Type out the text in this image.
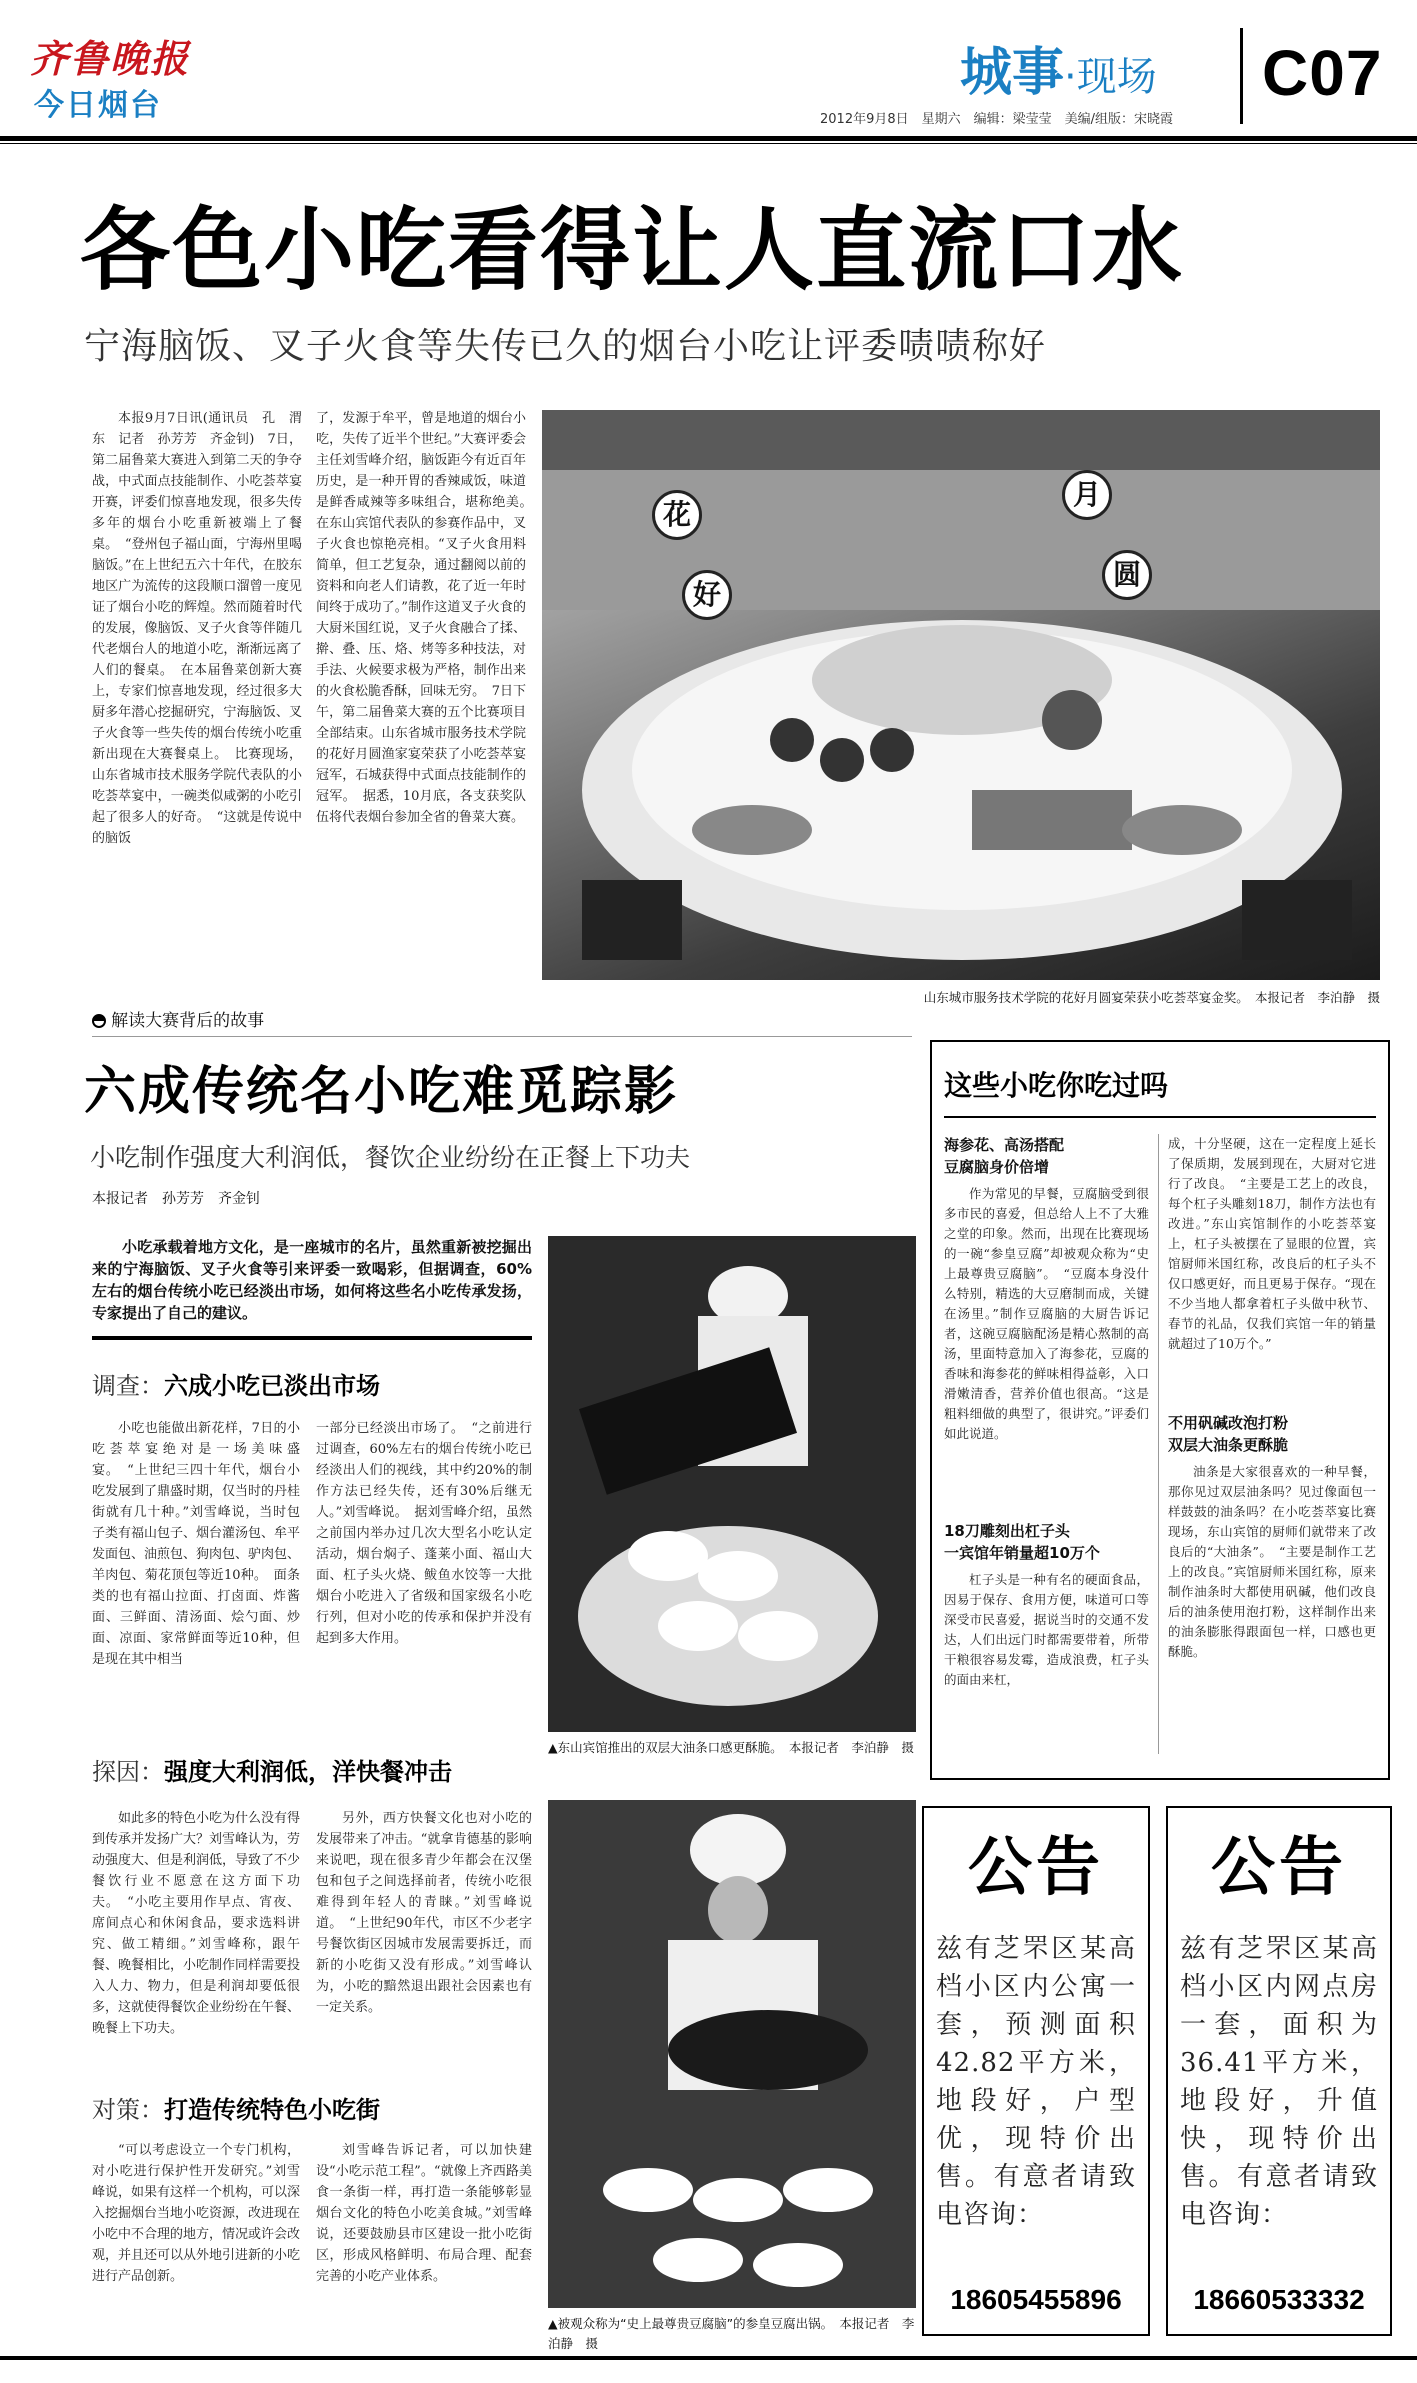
齐鲁晚报
今日烟台
城事·现场 C07
2012年9月8日　星期六　编辑：梁莹莹　美编/组版：宋晓霞
各色小吃看得让人直流口水
宁海脑饭、叉子火食等失传已久的烟台小吃让评委啧啧称好

本报9月7日讯(通讯员　孔　渭东　记者　孙芳芳　齐金钊)　7日，第二届鲁菜大赛进入到第二天的争夺战，中式面点技能制作、小吃荟萃宴开赛，评委们惊喜地发现，很多失传多年的烟台小吃重新被端上了餐桌。　“登州包子福山面，宁海州里喝脑饭。”在上世纪五六十年代，在胶东地区广为流传的这段顺口溜曾一度见证了烟台小吃的辉煌。然而随着时代的发展，像脑饭、叉子火食等伴随几代老烟台人的地道小吃，渐渐远离了人们的餐桌。　在本届鲁菜创新大赛上，专家们惊喜地发现，经过很多大厨多年潜心挖掘研究，宁海脑饭、叉子火食等一些失传的烟台传统小吃重新出现在大赛餐桌上。　比赛现场，山东省城市技术服务学院代表队的小吃荟萃宴中，一碗类似咸粥的小吃引起了很多人的好奇。　“这就是传说中的脑饭

了，发源于牟平，曾是地道的烟台小吃，失传了近半个世纪。”大赛评委会主任刘雪峰介绍，脑饭距今有近百年历史，是一种开胃的香辣咸饭，味道是鲜香咸辣等多味组合，堪称绝美。　在东山宾馆代表队的参赛作品中，叉子火食也惊艳亮相。“叉子火食用料简单，但工艺复杂，通过翻阅以前的资料和向老人们请教，花了近一年时间终于成功了。”制作这道叉子火食的大厨米国红说，叉子火食融合了揉、擀、叠、压、烙、烤等多种技法，对手法、火候要求极为严格，制作出来的火食松脆香酥，回味无穷。　7日下午，第二届鲁菜大赛的五个比赛项目全部结束。山东省城市服务技术学院的花好月圆渔家宴荣获了小吃荟萃宴冠军，石城获得中式面点技能制作的冠军。　据悉，10月底，各支获奖队伍将代表烟台参加全省的鲁菜大赛。

花
好
月
圆
山东城市服务技术学院的花好月圆宴荣获小吃荟萃宴金奖。　本报记者　李泊静　摄
解读大赛背后的故事
六成传统名小吃难觅踪影
小吃制作强度大利润低，餐饮企业纷纷在正餐上下功夫
本报记者　孙芳芳　齐金钊

小吃承载着地方文化，是一座城市的名片，虽然重新被挖掘出来的宁海脑饭、叉子火食等引来评委一致喝彩，但据调查，60%左右的烟台传统小吃已经淡出市场，如何将这些名小吃传承发扬，专家提出了自己的建议。

调查：六成小吃已淡出市场

小吃也能做出新花样，7日的小吃荟萃宴绝对是一场美味盛宴。　“上世纪三四十年代，烟台小吃发展到了鼎盛时期，仅当时的丹桂街就有几十种。”刘雪峰说，当时包子类有福山包子、烟台灌汤包、牟平发面包、油煎包、狗肉包、驴肉包、羊肉包、菊花顶包等近10种。　面条类的也有福山拉面、打卤面、炸酱面、三鲜面、清汤面、烩勺面、炒面、凉面、家常鲜面等近10种，但是现在其中相当

一部分已经淡出市场了。　“之前进行过调查，60%左右的烟台传统小吃已经淡出人们的视线，其中约20%的制作方法已经失传，还有30%后继无人。”刘雪峰说。　据刘雪峰介绍，虽然之前国内举办过几次大型名小吃认定活动，烟台焖子、蓬莱小面、福山大面、杠子头火烧、鲅鱼水饺等一大批烟台小吃进入了省级和国家级名小吃行列，但对小吃的传承和保护并没有起到多大作用。

▲东山宾馆推出的双层大油条口感更酥脆。　本报记者　李泊静　摄
探因：强度大利润低，洋快餐冲击

如此多的特色小吃为什么没有得到传承并发扬广大？刘雪峰认为，劳动强度大、但是利润低，导致了不少餐饮行业不愿意在这方面下功夫。　“小吃主要用作早点、宵夜、席间点心和休闲食品，要求选料讲究、做工精细。”刘雪峰称，跟午餐、晚餐相比，小吃制作同样需要投入人力、物力，但是利润却要低很多，这就使得餐饮企业纷纷在午餐、晚餐上下功夫。

另外，西方快餐文化也对小吃的发展带来了冲击。“就拿肯德基的影响来说吧，现在很多青少年都会在汉堡包和包子之间选择前者，传统小吃很难得到年轻人的青睐。”刘雪峰说道。　“上世纪90年代，市区不少老字号餐饮街区因城市发展需要拆迁，而新的小吃街又没有形成。”刘雪峰认为，小吃的黯然退出跟社会因素也有一定关系。

对策：打造传统特色小吃街

“可以考虑设立一个专门机构，对小吃进行保护性开发研究。”刘雪峰说，如果有这样一个机构，可以深入挖掘烟台当地小吃资源，改进现在小吃中不合理的地方，情况或许会改观，并且还可以从外地引进新的小吃进行产品创新。

刘雪峰告诉记者，可以加快建设“小吃示范工程”。“就像上齐西路美食一条街一样，再打造一条能够彰显烟台文化的特色小吃美食城。”刘雪峰说，还要鼓励县市区建设一批小吃街区，形成风格鲜明、布局合理、配套完善的小吃产业体系。

▲被观众称为“史上最尊贵豆腐脑”的参皇豆腐出锅。　本报记者　李泊静　摄
这些小吃你吃过吗
海参花、高汤搭配
豆腐脑身价倍增

作为常见的早餐，豆腐脑受到很多市民的喜爱，但总给人上不了大雅之堂的印象。然而，出现在比赛现场的一碗“参皇豆腐”却被观众称为“史上最尊贵豆腐脑”。　“豆腐本身没什么特别，精选的大豆磨制而成，关键在汤里。”制作豆腐脑的大厨告诉记者，这碗豆腐脑配汤是精心熬制的高汤，里面特意加入了海参花，豆腐的香味和海参花的鲜味相得益彰，入口滑嫩清香，营养价值也很高。“这是粗料细做的典型了，很讲究。”评委们如此说道。

18刀雕刻出杠子头
一宾馆年销量超10万个

杠子头是一种有名的硬面食品，因易于保存、食用方便，味道可口等深受市民喜爱，据说当时的交通不发达，人们出远门时都需要带着，所带干粮很容易发霉，造成浪费，杠子头的面由来杠，

成，十分坚硬，这在一定程度上延长了保质期，发展到现在，大厨对它进行了改良。　“主要是工艺上的改良，每个杠子头雕刻18刀，制作方法也有改进。”东山宾馆制作的小吃荟萃宴上，杠子头被摆在了显眼的位置，宾馆厨师米国红称，改良后的杠子头不仅口感更好，而且更易于保存。“现在不少当地人都拿着杠子头做中秋节、春节的礼品，仅我们宾馆一年的销量就超过了10万个。”

不用矾碱改泡打粉
双层大油条更酥脆

油条是大家很喜欢的一种早餐，那你见过双层油条吗？见过像面包一样鼓鼓的油条吗？在小吃荟萃宴比赛现场，东山宾馆的厨师们就带来了改良后的“大油条”。　“主要是制作工艺上的改良。”宾馆厨师米国红称，原来制作油条时大都使用矾碱，他们改良后的油条使用泡打粉，这样制作出来的油条膨胀得跟面包一样，口感也更酥脆。

公告
兹有芝罘区某高档小区内公寓一套，预测面积42.82平方米，地段好，户型优，现特价出售。有意者请致电咨询：
18605455896
公告
兹有芝罘区某高档小区内网点房一套，面积为36.41平方米，地段好，升值快，现特价出售。有意者请致电咨询：
18660533332
